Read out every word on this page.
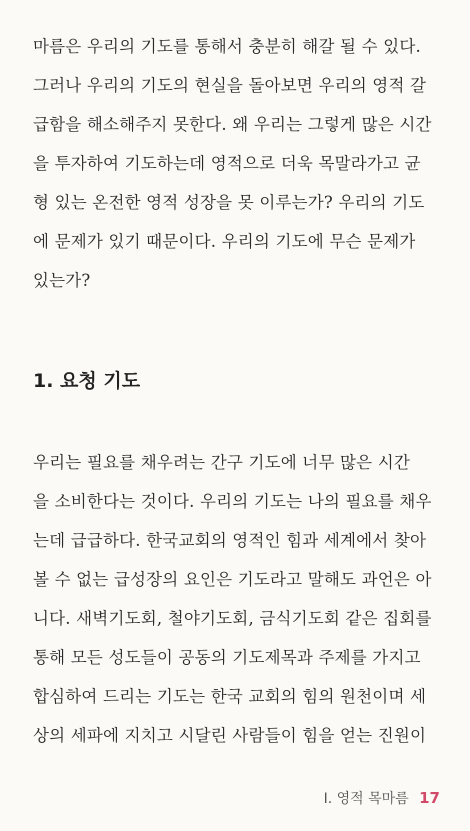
마름은 우리의 기도를 통해서 충분히 해갈 될 수 있다.
그러나 우리의 기도의 현실을 돌아보면 우리의 영적 갈
급함을 해소해주지 못한다. 왜 우리는 그렇게 많은 시간
을 투자하여 기도하는데 영적으로 더욱 목말라가고 균
형 있는 온전한 영적 성장을 못 이루는가? 우리의 기도
에 문제가 있기 때문이다. 우리의 기도에 무슨 문제가
있는가?
1. 요청 기도
우리는 필요를 채우려는 간구 기도에 너무 많은 시간
을 소비한다는 것이다. 우리의 기도는 나의 필요를 채우
는데 급급하다. 한국교회의 영적인 힘과 세계에서 찾아
볼 수 없는 급성장의 요인은 기도라고 말해도 과언은 아
니다. 새벽기도회, 철야기도회, 금식기도회 같은 집회를
통해 모든 성도들이 공동의 기도제목과 주제를 가지고
합심하여 드리는 기도는 한국 교회의 힘의 원천이며 세
상의 세파에 지치고 시달린 사람들이 힘을 얻는 진원이
I. 영적 목마름 17
